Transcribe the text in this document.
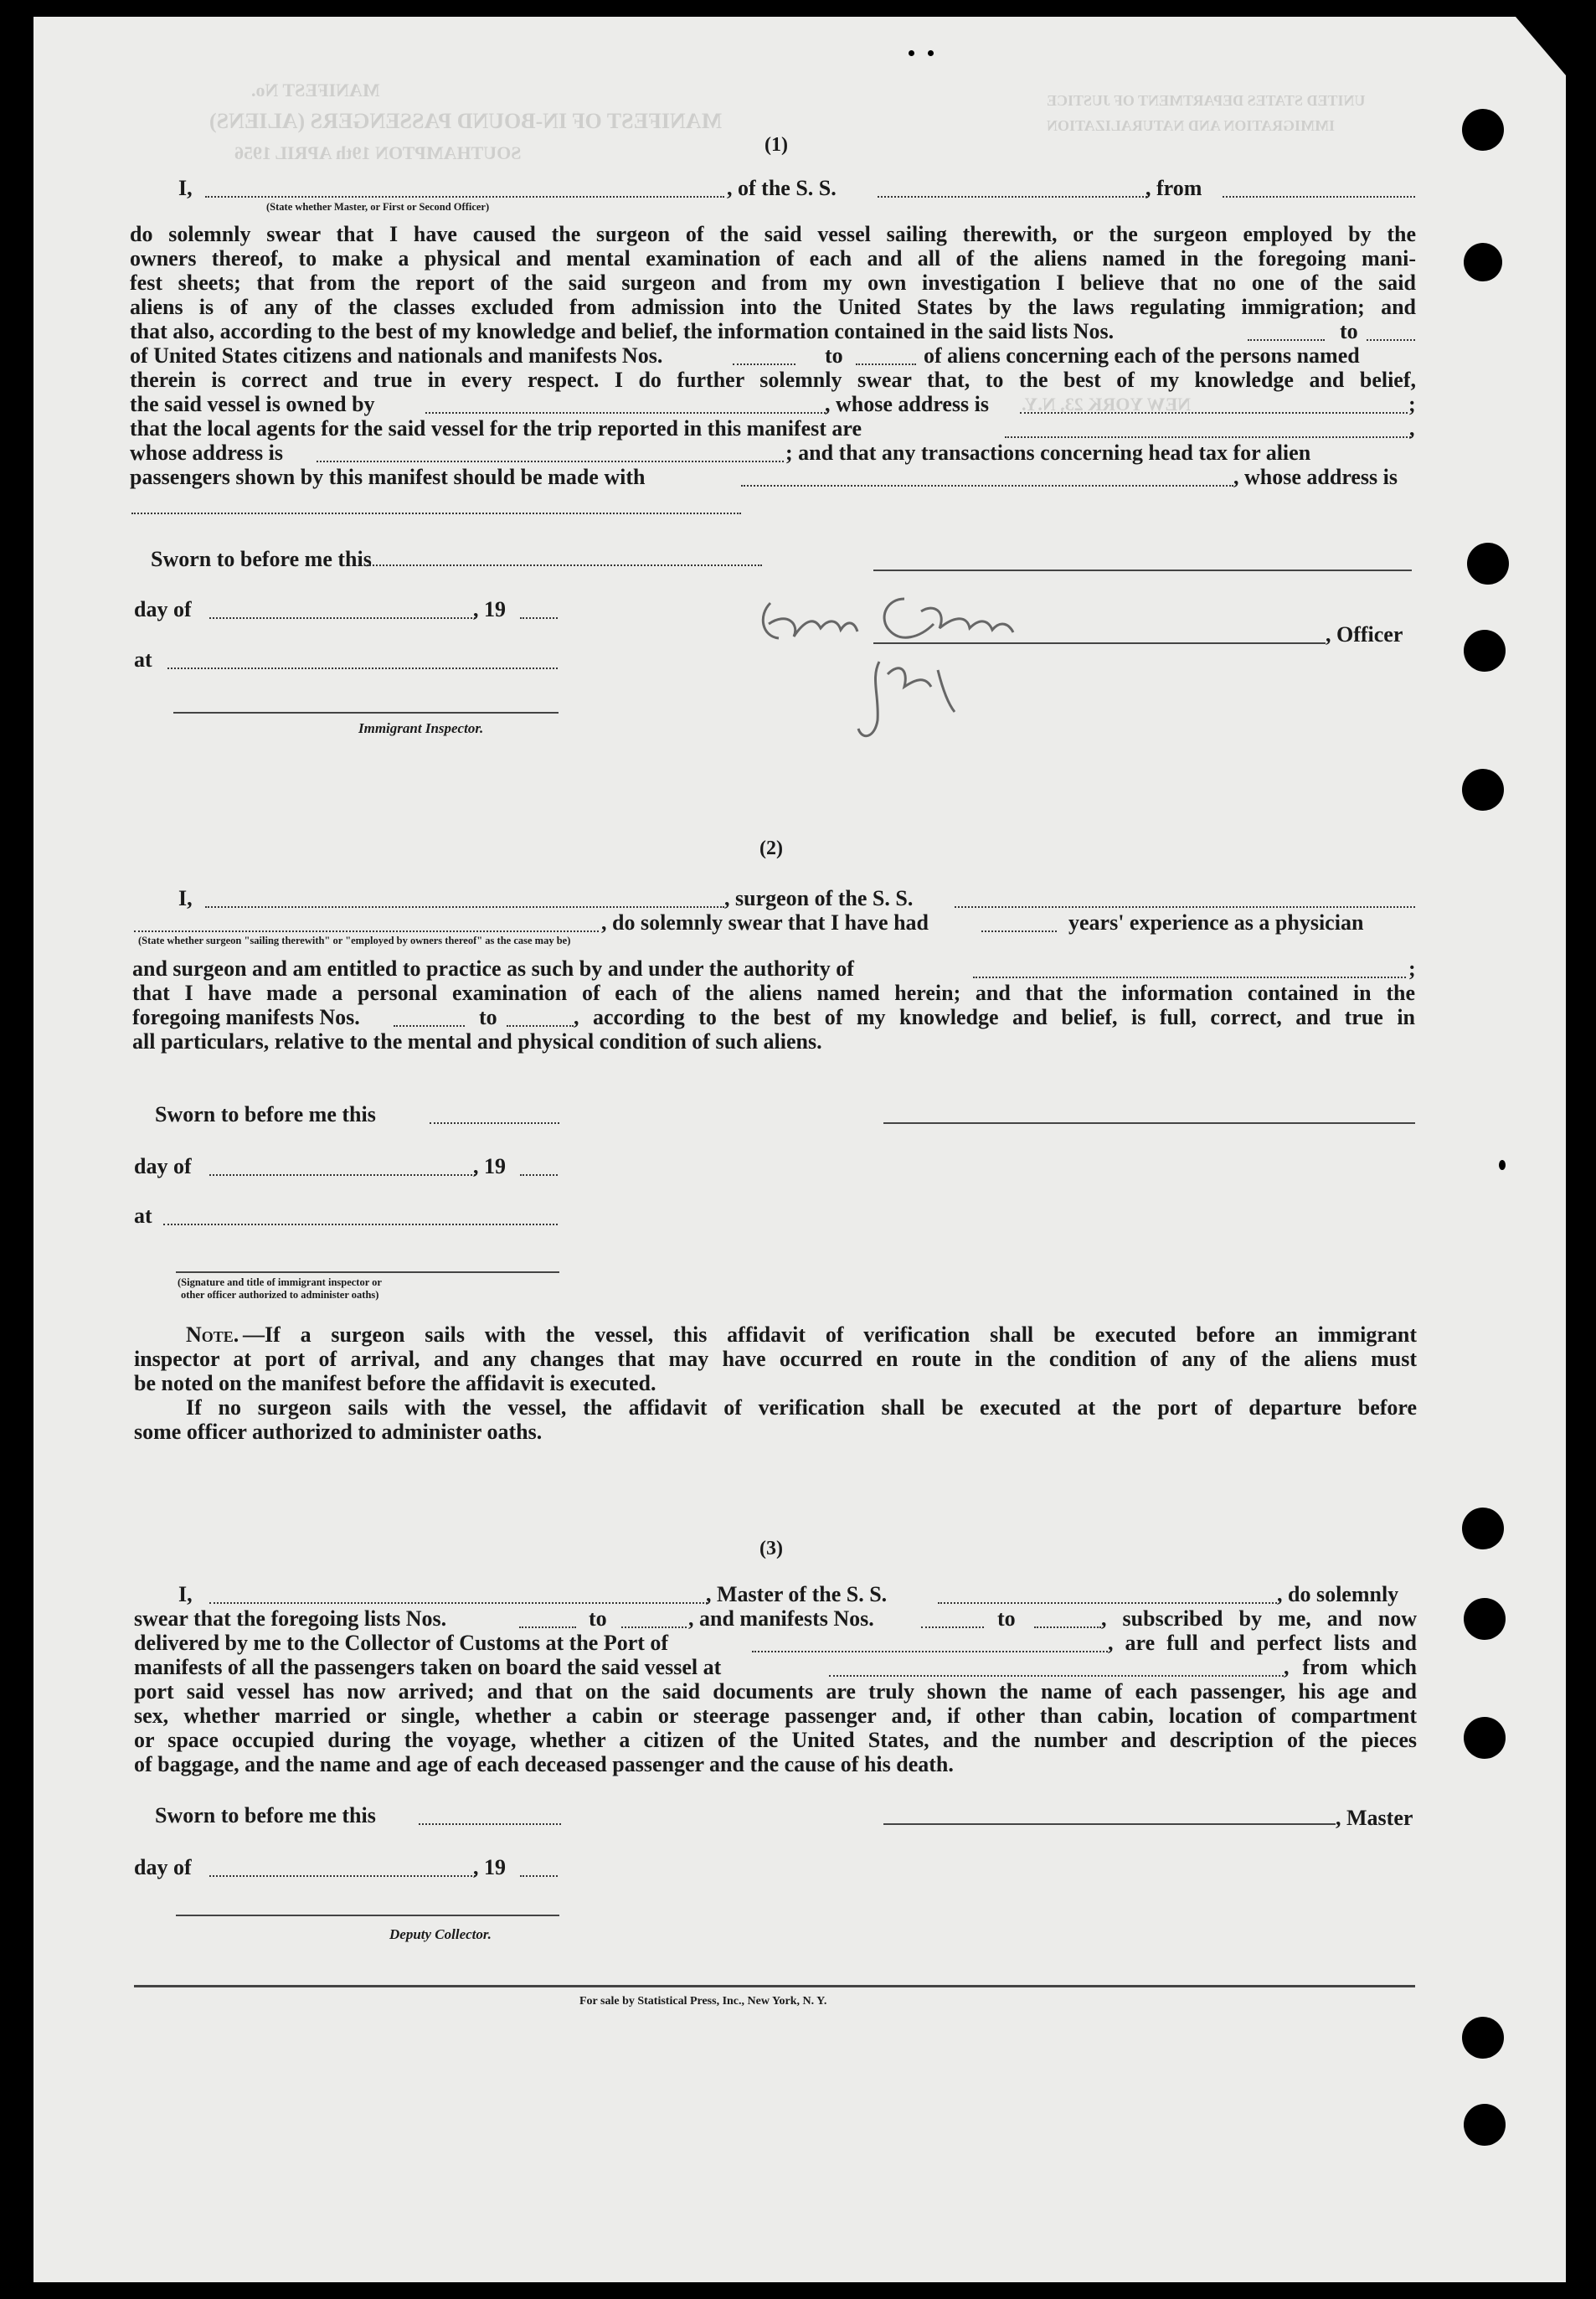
MANIFEST OF IN-BOUND PASSENGERS (ALIENS)
MANIFEST No.
SOUTHAMPTON 19th APRIL 1956
UNITED STATES DEPARTMENT OF JUSTICE
IMMIGRATION AND NATURALIZATION
NEW YORK 23, N.Y.
(1)
I,	, of the S. S.	, from
(State whether Master, or First or Second Officer)
do solemnly swear that I have caused the surgeon of the said vessel sailing therewith, or the surgeon employed by the
owners thereof, to make a physical and mental examination of each and all of the aliens named in the foregoing mani-
fest sheets; that from the report of the said surgeon and from my own investigation I believe that no one of the said
aliens is of any of the classes excluded from admission into the United States by the laws regulating immigration; and
that also, according to the best of my knowledge and belief, the information contained in the said lists Nos.	to
of United States citizens and nationals and manifests Nos.	to	of aliens concerning each of the persons named
therein is correct and true in every respect. I do further solemnly swear that, to the best of my knowledge and belief,
the said vessel is owned by	, whose address is	;
that the local agents for the said vessel for the trip reported in this manifest are	,
whose address is	; and that any transactions concerning head tax for alien
passengers shown by this manifest should be made with	, whose address is
Sworn to before me this
day of	, 19
, Officer
at
Immigrant Inspector.
(2)
I,	, surgeon of the S. S.
, do solemnly swear that I have had	years' experience as a physician
(State whether surgeon "sailing therewith" or "employed by owners thereof" as the case may be)
and surgeon and am entitled to practice as such by and under the authority of	;
that I have made a personal examination of each of the aliens named herein; and that the information contained in the
foregoing manifests Nos.	to	, according to the best of my knowledge and belief, is full, correct, and true in
all particulars, relative to the mental and physical condition of such aliens.
Sworn to before me this
day of	, 19
at
(Signature and title of immigrant inspector or
other officer authorized to administer oaths)
Note. —If a surgeon sails with the vessel, this affidavit of verification shall be executed before an immigrant
inspector at port of arrival, and any changes that may have occurred en route in the condition of any of the aliens must
be noted on the manifest before the affidavit is executed.
If no surgeon sails with the vessel, the affidavit of verification shall be executed at the port of departure before
some officer authorized to administer oaths.
(3)
I,	, Master of the S. S.	, do solemnly
swear that the foregoing lists Nos.	to	, and manifests Nos.	to	, subscribed by me, and now
delivered by me to the Collector of Customs at the Port of	, are full and perfect lists and
manifests of all the passengers taken on board the said vessel at	, from which
port said vessel has now arrived; and that on the said documents are truly shown the name of each passenger, his age and
sex, whether married or single, whether a cabin or steerage passenger and, if other than cabin, location of compartment
or space occupied during the voyage, whether a citizen of the United States, and the number and description of the pieces
of baggage, and the name and age of each deceased passenger and the cause of his death.
Sworn to before me this	, Master
day of	, 19
Deputy Collector.
For sale by Statistical Press, Inc., New York, N. Y.
